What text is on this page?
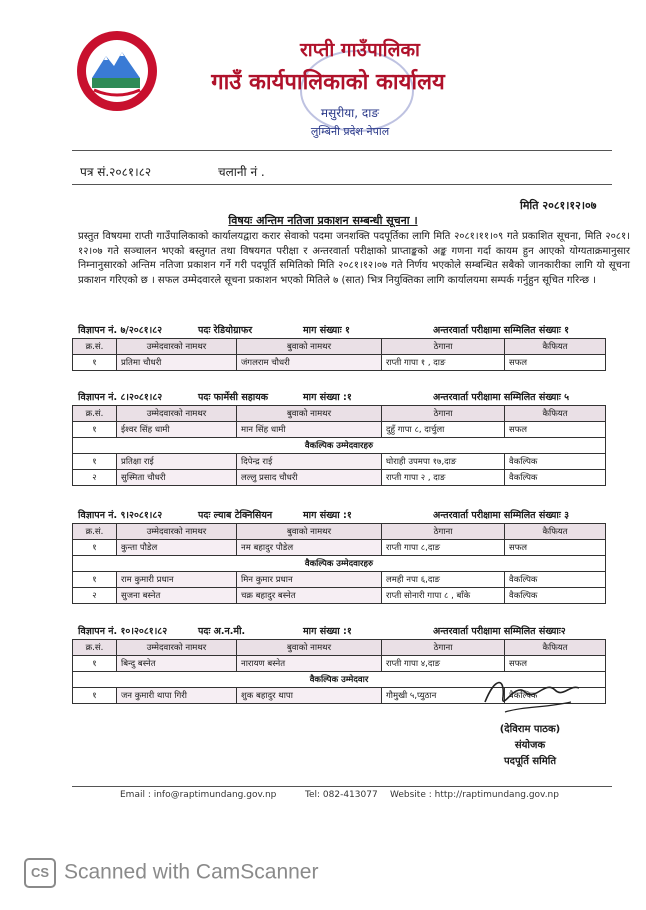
राप्ती गाउँपालिका
गाउँ कार्यपालिकाको कार्यालय
मसुरीया, दाङ
लुम्बिनी प्रदेश नेपाल
पत्र सं.२०८१।८२	चलानी नं .
मिति २०८१।१२।०७
विषयः अन्तिम नतिजा प्रकाशन सम्बन्धी सूचना ।
प्रस्तुत विषयमा राप्ती गाउँपालिकाको कार्यालयद्वारा करार सेवाको पदमा जनशक्ति पदपूर्तिका लागि मिति २०८१।११।०९ गते प्रकाशित सूचना, मिति २०८१।१२।०७ गते सञ्चालन भएको बस्तुगत तथा विषयगत परीक्षा र अन्तरवार्ता परीक्षाको प्राप्ताङ्कको अङ्क गणना गर्दा कायम हुन आएको योग्यताक्रमानुसार निम्नानुसारको अन्तिम नतिजा प्रकाशन गर्ने गरी पदपूर्ति समितिको मिति २०८१।१२।०७ गते निर्णय भएकोले सम्बन्धित सबैको जानकारीका लागि यो सूचना प्रकाशन गरिएको छ । सफल उम्मेदवारले सूचना प्रकाशन भएको मितिले ७ (सात) भित्र नियुक्तिका लागि कार्यालयमा सम्पर्क गर्नुहुन सूचित गरिन्छ ।
विज्ञापन नं. ७/२०८१।८२	पदः रेडियोग्राफर	माग संख्याः १	अन्तरवार्ता परीक्षामा सम्मिलित संख्याः १
क्र.सं.	उम्मेदवारको नामथर	बुवाको नामथर	ठेगाना	कैफियत
१	प्रतिमा चौधरी	जंगलराम चौधरी	राप्ती गापा १ , दाङ	सफल
विज्ञापन नं. ८।२०८१।८२	पदः फार्मेसी सहायक	माग संख्या :१	अन्तरवार्ता परीक्षामा सम्मिलित संख्याः ५
क्र.सं.	उम्मेदवारको नामथर	बुवाको नामथर	ठेगाना	कैफियत
१	ईश्वर सिंह धामी	मान सिंह धामी	दुहुँ गापा ८, दार्चुला	सफल
वैकल्पिक उम्मेदवारहरु				
१	प्रतिक्षा राई	दिपेन्द्र राई	घोराही उपमपा १७,दाङ	वैकल्पिक
२	सुस्मिता चौधरी	लल्लु प्रसाद चौधरी	राप्ती गापा २ , दाङ	वैकल्पिक
विज्ञापन नं. ९।२०८१।८२	पदः ल्याब टेक्निसियन	माग संख्या :१	अन्तरवार्ता परीक्षामा सम्मिलित संख्याः ३
क्र.सं.	उम्मेदवारको नामथर	बुवाको नामथर	ठेगाना	कैफियत
१	कुन्ता पौडेल	नम बहादुर पौडेल	राप्ती गापा ८,दाङ	सफल
वैकल्पिक उम्मेदवारहरु				
१	राम कुमारी प्रधान	मिन कुमार प्रधान	लमही नपा ६,दाङ	वैकल्पिक
२	सुजना बस्नेत	चक्र बहादुर बस्नेत	राप्ती सोनारी गापा ८ , बाँके	वैकल्पिक
विज्ञापन नं. १०।२०८१।८२	पदः अ.न.मी.	माग संख्या :१	अन्तरवार्ता परीक्षामा सम्मिलित संख्याः२
क्र.सं.	उम्मेदवारको नामथर	बुवाको नामथर	ठेगाना	कैफियत
१	बिन्दु बस्नेत	नारायण बस्नेत	राप्ती गापा ४,दाङ	सफल
वैकल्पिक उम्मेदवार				
१	जन कुमारी थापा गिरी	शुक बहादुर थापा	गौमुखी ५,प्युठान	वैकल्पिक
(देविराम पाठक)
संयोजक
पदपूर्ति समिति
Email : info@raptimundang.gov.np	Tel: 082-413077 Website : http://raptimundang.gov.np
CS Scanned with CamScanner
